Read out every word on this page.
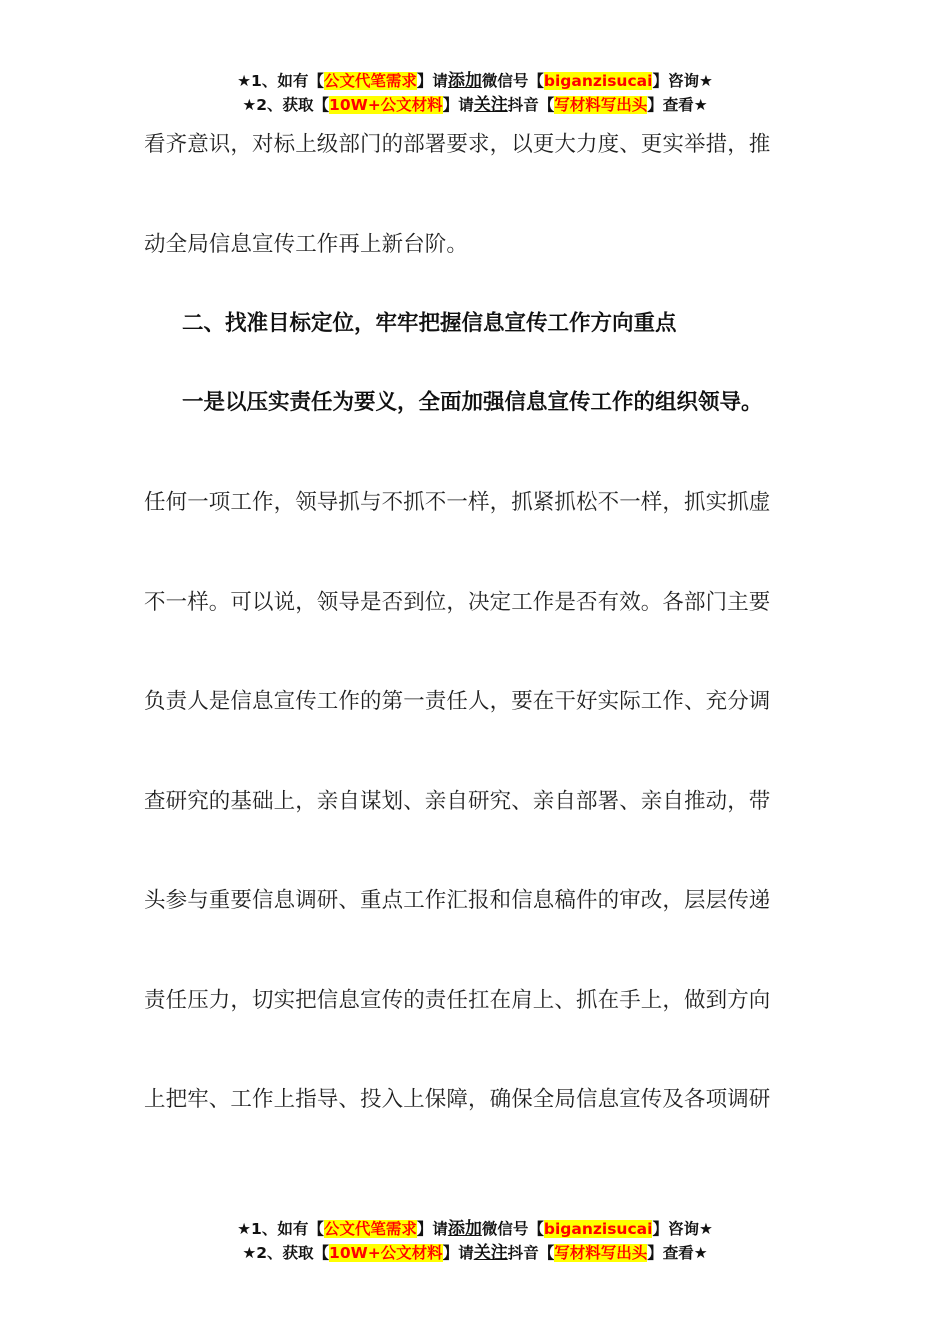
★1、如有【公文代笔需求】请添加微信号【biganzisucai】咨询★
★2、获取【10W+公文材料】请关注抖音【写材料写出头】查看★
看齐意识，对标上级部门的部署要求，以更大力度、更实举措，推
动全局信息宣传工作再上新台阶。
二、找准目标定位，牢牢把握信息宣传工作方向重点
一是以压实责任为要义，全面加强信息宣传工作的组织领导。
任何一项工作，领导抓与不抓不一样，抓紧抓松不一样，抓实抓虚
不一样。可以说，领导是否到位，决定工作是否有效。各部门主要
负责人是信息宣传工作的第一责任人，要在干好实际工作、充分调
查研究的基础上，亲自谋划、亲自研究、亲自部署、亲自推动，带
头参与重要信息调研、重点工作汇报和信息稿件的审改，层层传递
责任压力，切实把信息宣传的责任扛在肩上、抓在手上，做到方向
上把牢、工作上指导、投入上保障，确保全局信息宣传及各项调研
★1、如有【公文代笔需求】请添加微信号【biganzisucai】咨询★
★2、获取【10W+公文材料】请关注抖音【写材料写出头】查看★
